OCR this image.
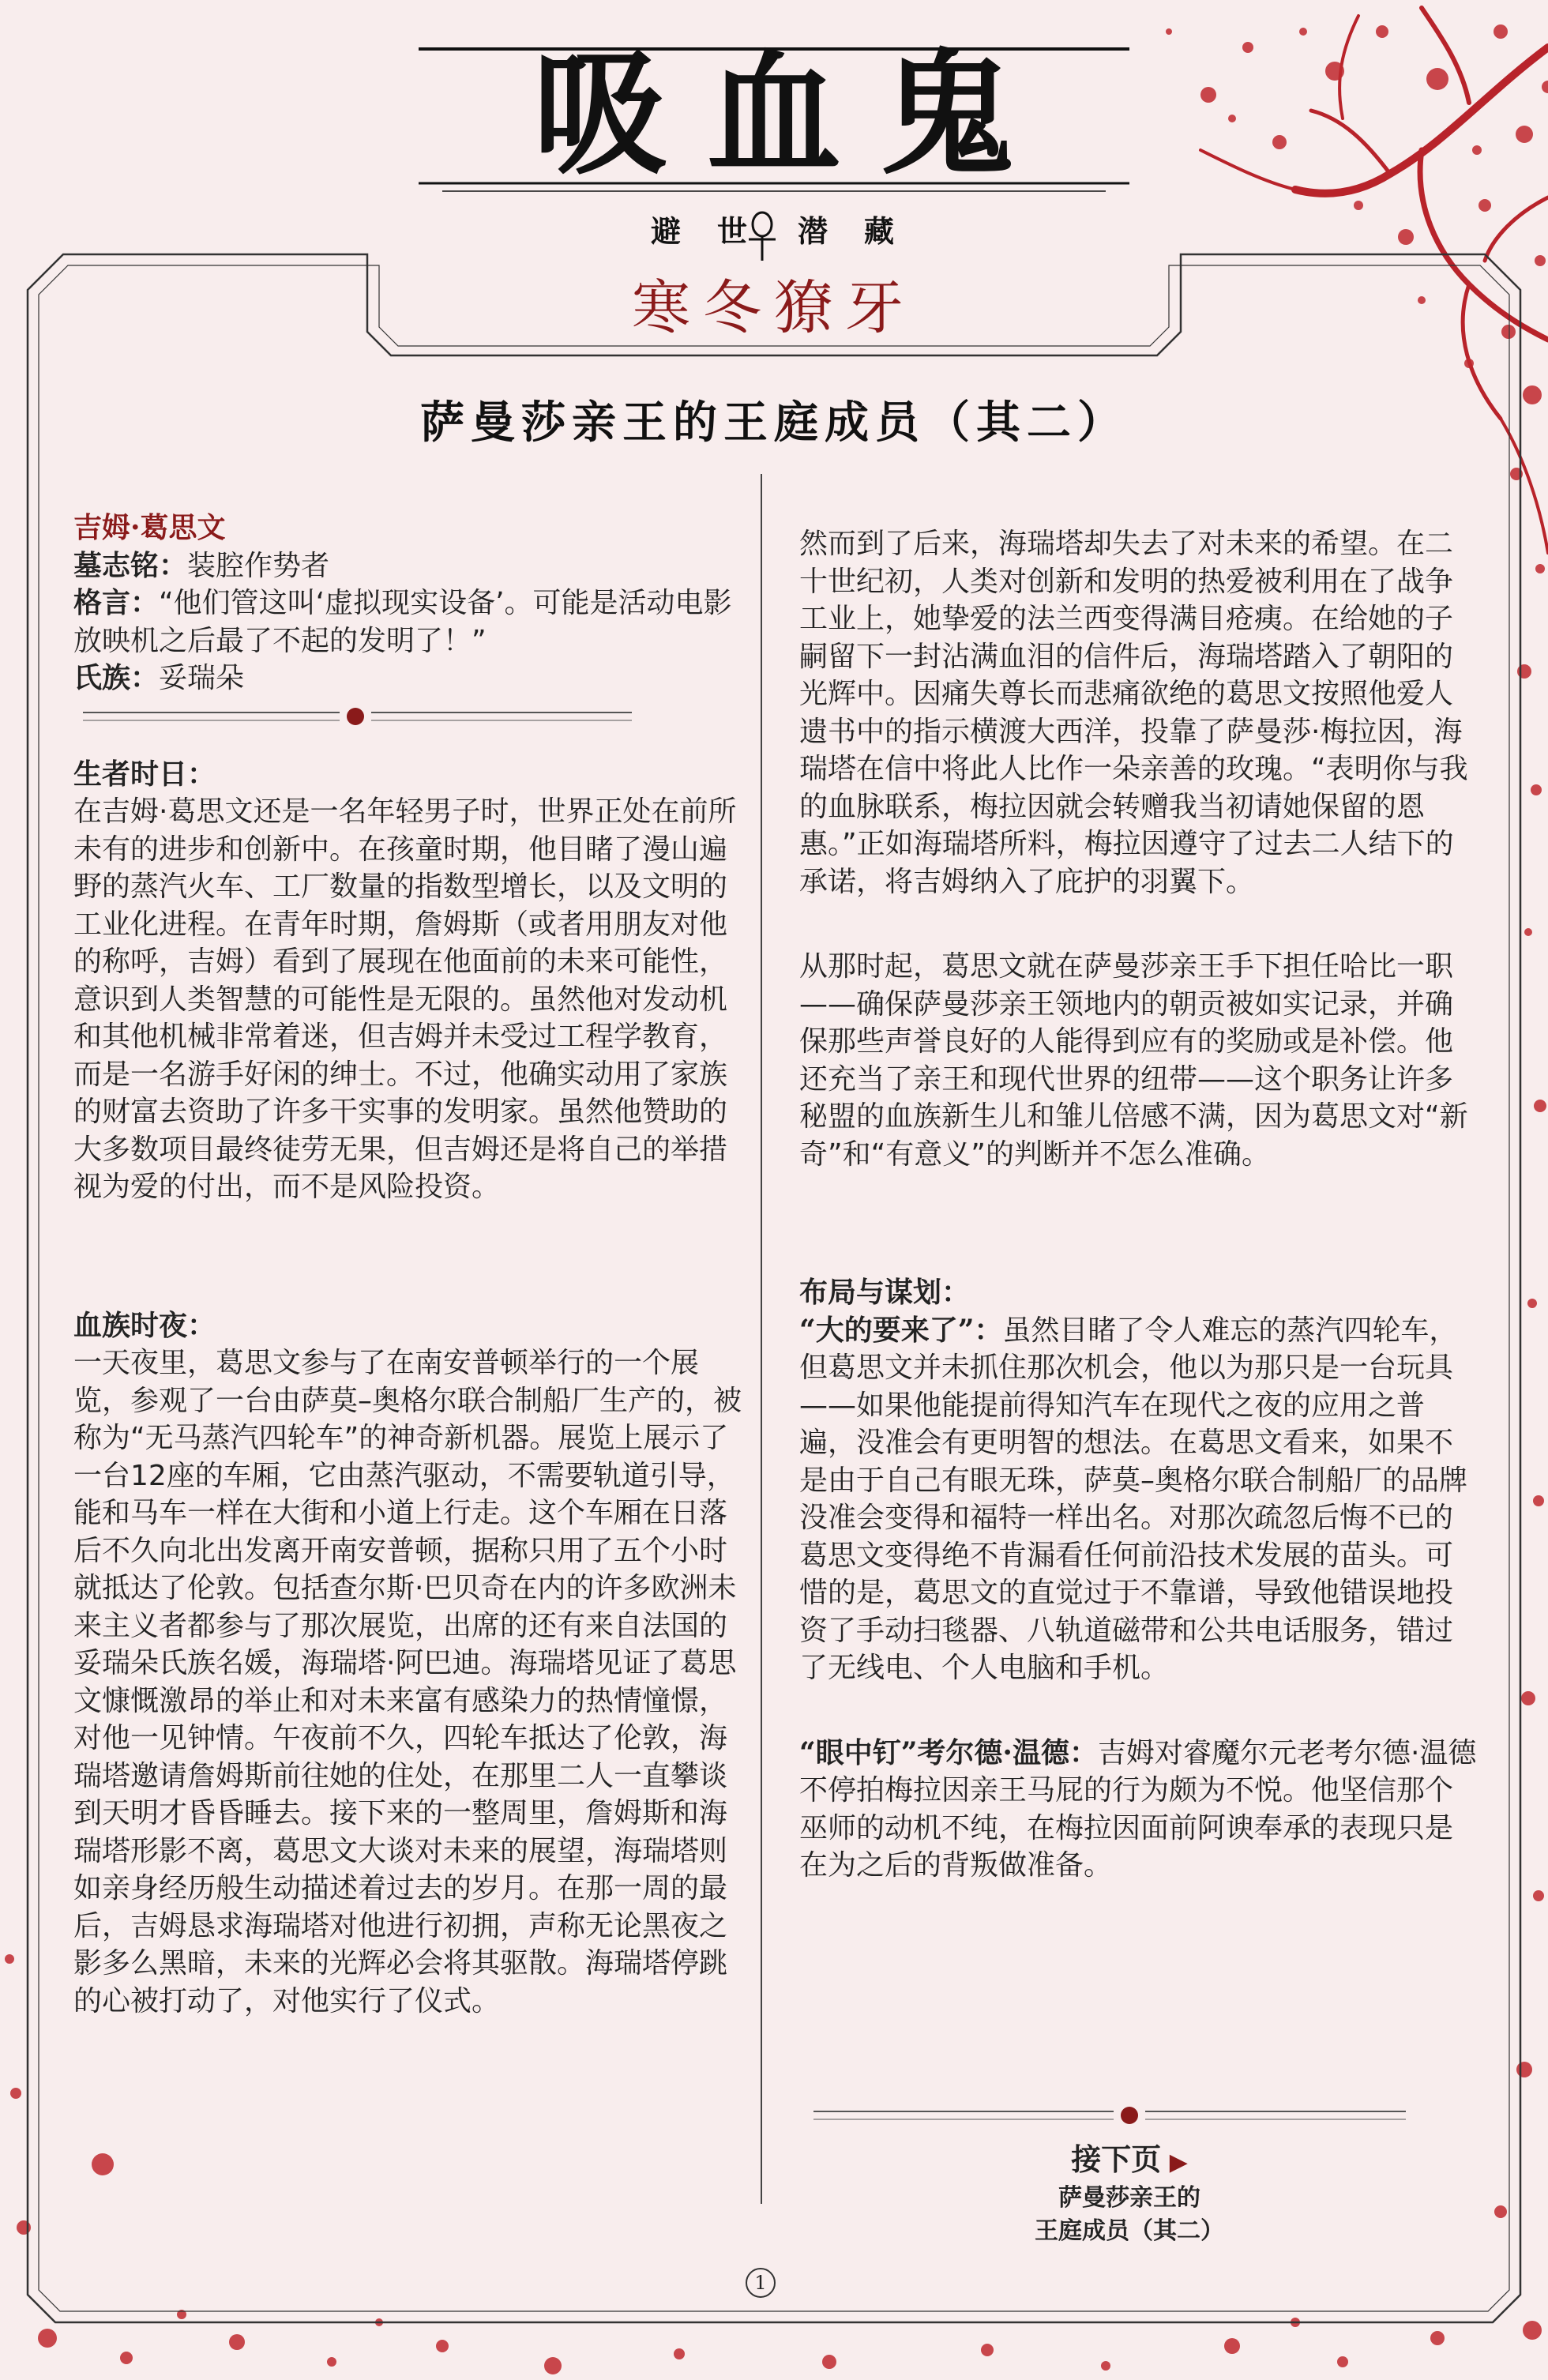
吸血鬼
避　世 潜　藏
寒冬獠牙
萨曼莎亲王的王庭成员（其二）

吉姆·葛思文

墓志铭：装腔作势者

格言：“他们管这叫‘虚拟现实设备’。可能是活动电影放映机之后最了不起的发明了！”

氏族：妥瑞朵

生者时日：

在吉姆·葛思文还是一名年轻男子时，世界正处在前所未有的进步和创新中。在孩童时期，他目睹了漫山遍野的蒸汽火车、工厂数量的指数型增长，以及文明的工业化进程。在青年时期，詹姆斯（或者用朋友对他的称呼，吉姆）看到了展现在他面前的未来可能性，意识到人类智慧的可能性是无限的。虽然他对发动机和其他机械非常着迷，但吉姆并未受过工程学教育，而是一名游手好闲的绅士。不过，他确实动用了家族的财富去资助了许多干实事的发明家。虽然他赞助的大多数项目最终徒劳无果，但吉姆还是将自己的举措视为爱的付出，而不是风险投资。

血族时夜：

一天夜里，葛思文参与了在南安普顿举行的一个展览，参观了一台由萨莫–奥格尔联合制船厂生产的，被称为“无马蒸汽四轮车”的神奇新机器。展览上展示了一台12座的车厢，它由蒸汽驱动，不需要轨道引导，能和马车一样在大街和小道上行走。这个车厢在日落后不久向北出发离开南安普顿，据称只用了五个小时就抵达了伦敦。包括查尔斯·巴贝奇在内的许多欧洲未来主义者都参与了那次展览，出席的还有来自法国的妥瑞朵氏族名媛，海瑞塔·阿巴迪。海瑞塔见证了葛思文慷慨激昂的举止和对未来富有感染力的热情憧憬，对他一见钟情。午夜前不久，四轮车抵达了伦敦，海瑞塔邀请詹姆斯前往她的住处，在那里二人一直攀谈到天明才昏昏睡去。接下来的一整周里，詹姆斯和海瑞塔形影不离，葛思文大谈对未来的展望，海瑞塔则如亲身经历般生动描述着过去的岁月。在那一周的最后，吉姆恳求海瑞塔对他进行初拥，声称无论黑夜之影多么黑暗，未来的光辉必会将其驱散。海瑞塔停跳的心被打动了，对他实行了仪式。

然而到了后来，海瑞塔却失去了对未来的希望。在二十世纪初，人类对创新和发明的热爱被利用在了战争工业上，她挚爱的法兰西变得满目疮痍。在给她的子嗣留下一封沾满血泪的信件后，海瑞塔踏入了朝阳的光辉中。因痛失尊长而悲痛欲绝的葛思文按照他爱人遗书中的指示横渡大西洋，投靠了萨曼莎·梅拉因，海瑞塔在信中将此人比作一朵亲善的玫瑰。“表明你与我的血脉联系，梅拉因就会转赠我当初请她保留的恩惠。”正如海瑞塔所料，梅拉因遵守了过去二人结下的承诺，将吉姆纳入了庇护的羽翼下。

从那时起，葛思文就在萨曼莎亲王手下担任哈比一职——确保萨曼莎亲王领地内的朝贡被如实记录，并确保那些声誉良好的人能得到应有的奖励或是补偿。他还充当了亲王和现代世界的纽带——这个职务让许多秘盟的血族新生儿和雏儿倍感不满，因为葛思文对“新奇”和“有意义”的判断并不怎么准确。

布局与谋划：

“大的要来了”：虽然目睹了令人难忘的蒸汽四轮车，但葛思文并未抓住那次机会，他以为那只是一台玩具——如果他能提前得知汽车在现代之夜的应用之普遍，没准会有更明智的想法。在葛思文看来，如果不是由于自己有眼无珠，萨莫–奥格尔联合制船厂的品牌没准会变得和福特一样出名。对那次疏忽后悔不已的葛思文变得绝不肯漏看任何前沿技术发展的苗头。可惜的是，葛思文的直觉过于不靠谱，导致他错误地投资了手动扫毯器、八轨道磁带和公共电话服务，错过了无线电、个人电脑和手机。

“眼中钉”考尔德·温德：吉姆对睿魔尔元老考尔德·温德不停拍梅拉因亲王马屁的行为颇为不悦。他坚信那个巫师的动机不纯，在梅拉因面前阿谀奉承的表现只是在为之后的背叛做准备。

接下页 ▶
萨曼莎亲王的
王庭成员（其二）
1
